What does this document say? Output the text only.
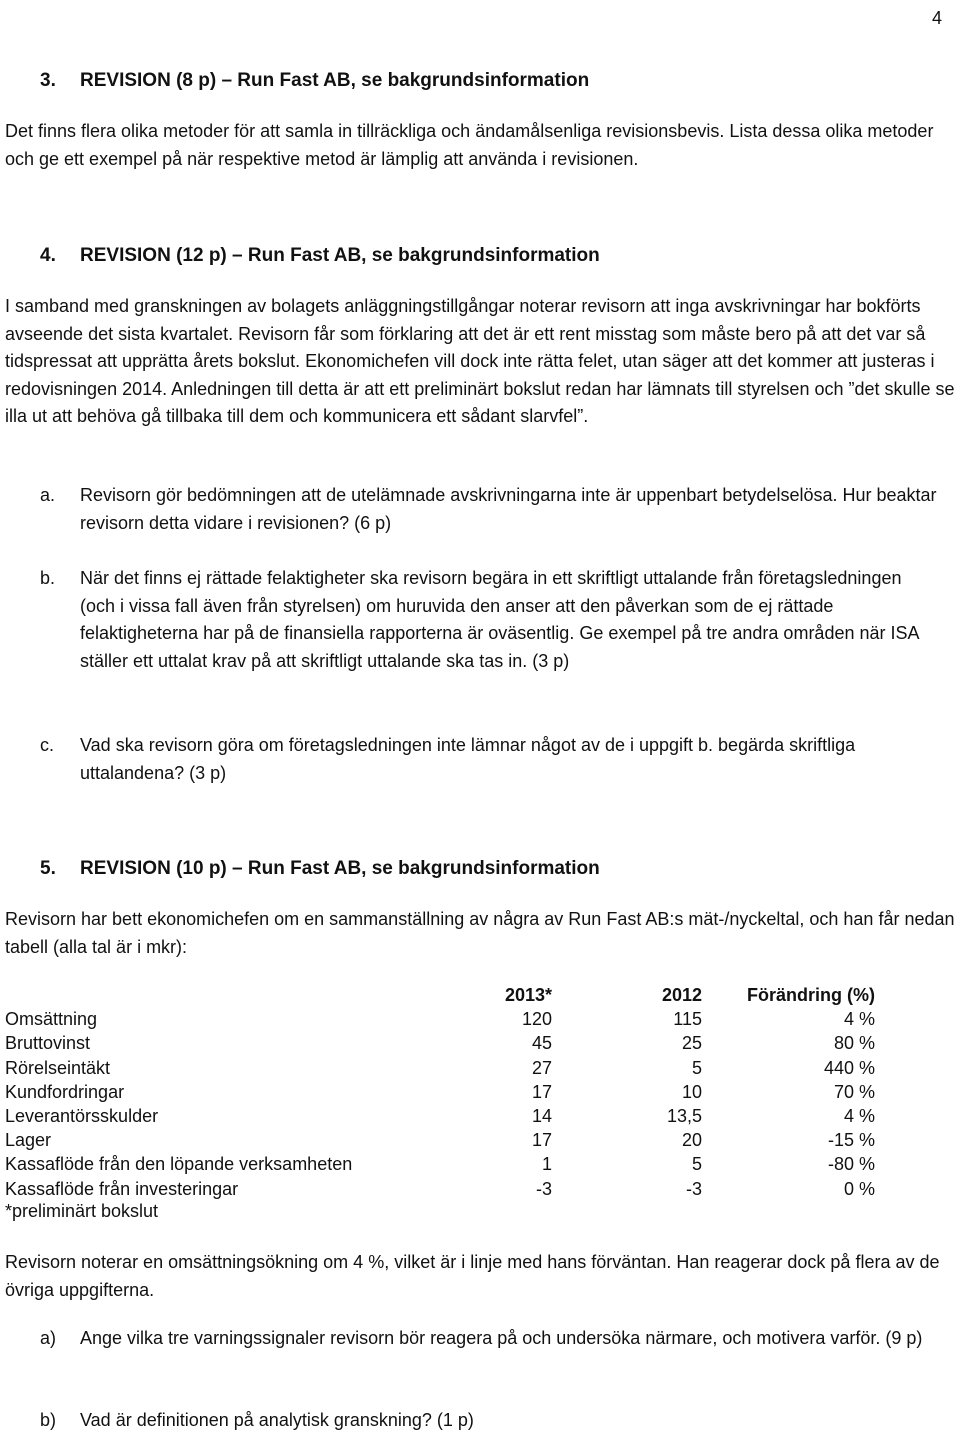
4
3. REVISION (8 p) – Run Fast AB, se bakgrundsinformation
Det finns flera olika metoder för att samla in tillräckliga och ändamålsenliga revisionsbevis. Lista dessa olika metoder och ge ett exempel på när respektive metod är lämplig att använda i revisionen.
4. REVISION (12 p) – Run Fast AB, se bakgrundsinformation
I samband med granskningen av bolagets anläggningstillgångar noterar revisorn att inga avskrivningar har bokförts avseende det sista kvartalet. Revisorn får som förklaring att det är ett rent misstag som måste bero på att det var så tidspressat att upprätta årets bokslut. Ekonomichefen vill dock inte rätta felet, utan säger att det kommer att justeras i redovisningen 2014. Anledningen till detta är att ett preliminärt bokslut redan har lämnats till styrelsen och ”det skulle se illa ut att behöva gå tillbaka till dem och kommunicera ett sådant slarvfel”.
a. Revisorn gör bedömningen att de utelämnade avskrivningarna inte är uppenbart betydelselösa. Hur beaktar revisorn detta vidare i revisionen? (6 p)
b. När det finns ej rättade felaktigheter ska revisorn begära in ett skriftligt uttalande från företagsledningen (och i vissa fall även från styrelsen) om huruvida den anser att den påverkan som de ej rättade felaktigheterna har på de finansiella rapporterna är oväsentlig. Ge exempel på tre andra områden när ISA ställer ett uttalat krav på att skriftligt uttalande ska tas in. (3 p)
c. Vad ska revisorn göra om företagsledningen inte lämnar något av de i uppgift b. begärda skriftliga uttalandena? (3 p)
5. REVISION (10 p) – Run Fast AB, se bakgrundsinformation
Revisorn har bett ekonomichefen om en sammanställning av några av Run Fast AB:s mät-/nyckeltal, och han får nedan tabell (alla tal är i mkr):
	2013*	2012	Förändring (%)
Omsättning	120	115	4 %
Bruttovinst	45	25	80 %
Rörelseintäkt	27	5	440 %
Kundfordringar	17	10	70 %
Leverantörsskulder	14	13,5	4 %
Lager	17	20	-15 %
Kassaflöde från den löpande verksamheten	1	5	-80 %
Kassaflöde från investeringar	-3	-3	0 %
*preliminärt bokslut
Revisorn noterar en omsättningsökning om 4 %, vilket är i linje med hans förväntan. Han reagerar dock på flera av de övriga uppgifterna.
a) Ange vilka tre varningssignaler revisorn bör reagera på och undersöka närmare, och motivera varför. (9 p)
b) Vad är definitionen på analytisk granskning? (1 p)
